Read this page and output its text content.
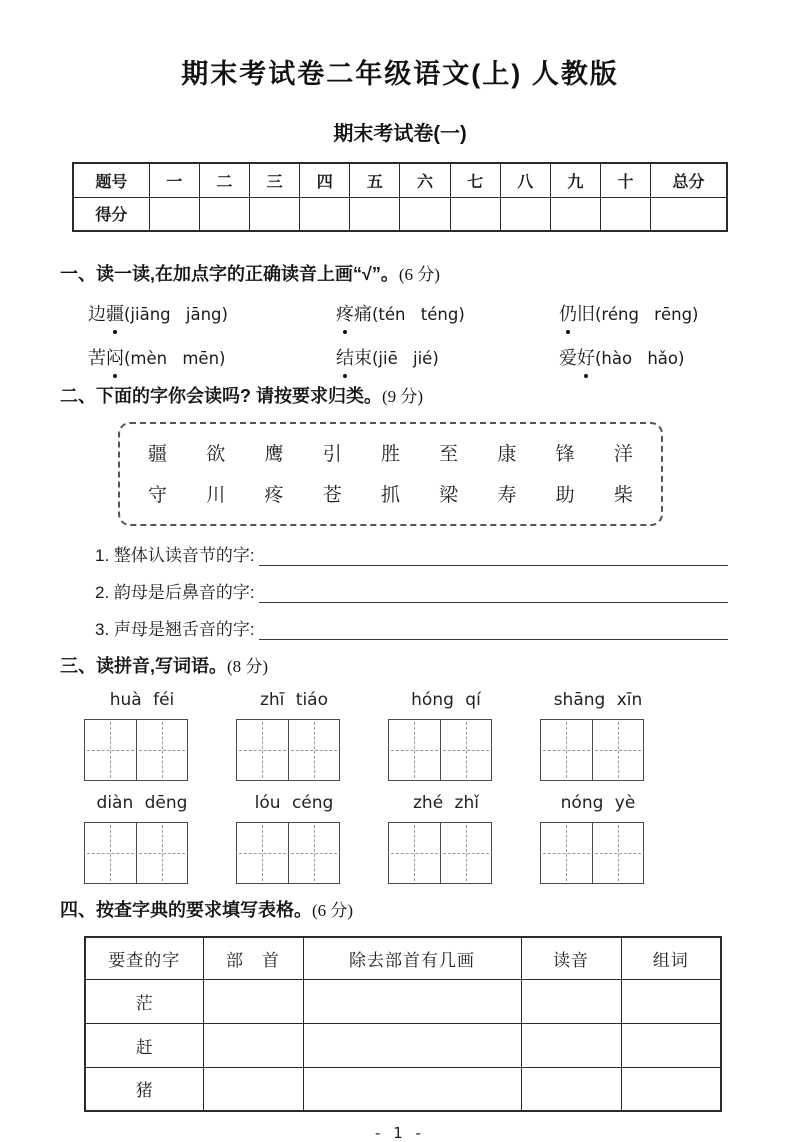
期末考试卷二年级语文(上) 人教版
期末考试卷(一)
题号	一	二	三	四	五	六	七	八	九	十	总分
得分											
一、读一读,在加点字的正确读音上画“√”。(6 分)
边疆(jiāng jāng)	疼痛(tén téng)	仍旧(réng rēng)
苦闷(mèn mēn)	结束(jiē jié)	爱好(hào hǎo)
二、下面的字你会读吗? 请按要求归类。(9 分)
疆 欲 鹰 引 胜 至 康 锋 洋
守 川 疼 苍 抓 梁 寿 助 柴
1. 整体认读音节的字:
2. 韵母是后鼻音的字:
3. 声母是翘舌音的字:
三、读拼音,写词语。(8 分)
huà féi	zhī tiáo	hóng qí	shāng xīn
diàn dēng	lóu céng	zhé zhǐ	nóng yè
四、按查字典的要求填写表格。(6 分)
要查的字	部　首	除去部首有几画	读音	组词
茫				
赶				
猪				
- 1 -
